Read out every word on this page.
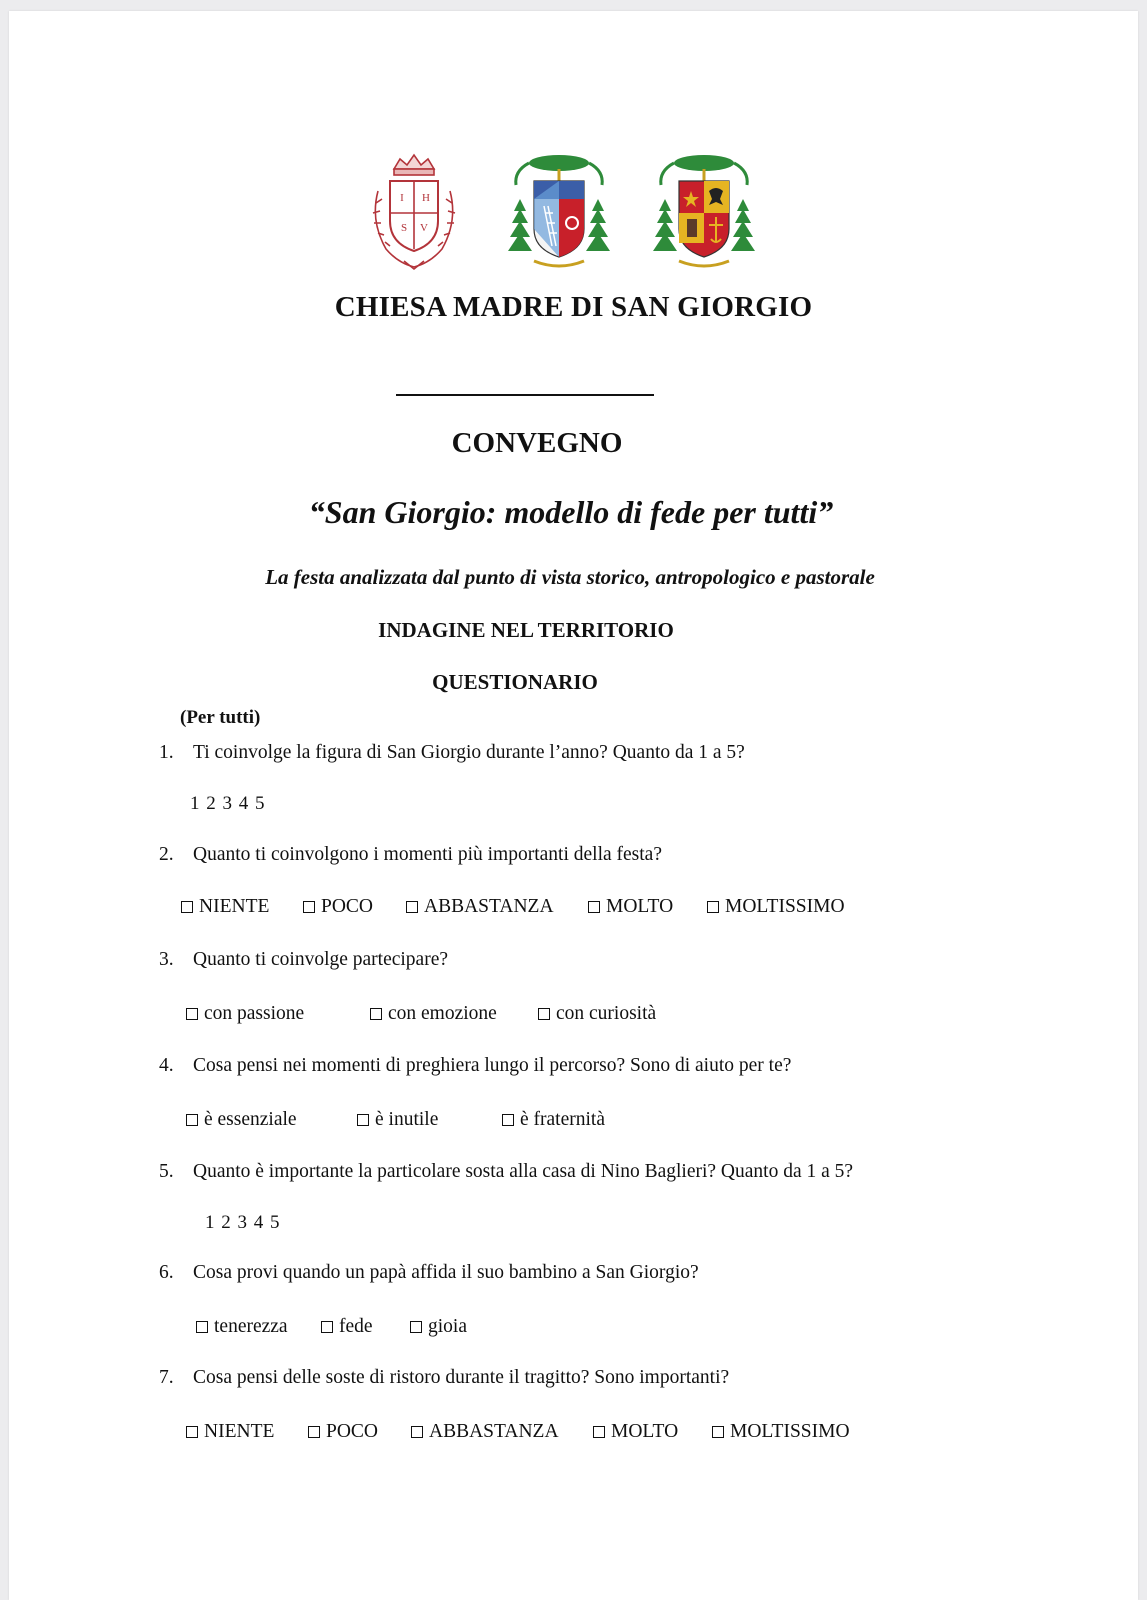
I H
S V
CHIESA MADRE DI SAN GIORGIO
CONVEGNO
“San Giorgio: modello di fede per tutti”
La festa analizzata dal punto di vista storico, antropologico e pastorale
INDAGINE NEL TERRITORIO
QUESTIONARIO
(Per tutti)
1. Ti coinvolge la figura di San Giorgio durante l’anno? Quanto da 1 a 5?
1 2 3 4 5
2. Quanto ti coinvolgono i momenti più importanti della festa?
NIENTE	POCO	ABBASTANZA	MOLTO	MOLTISSIMO
3. Quanto ti coinvolge partecipare?
con passione	con emozione	con curiosità
4. Cosa pensi nei momenti di preghiera lungo il percorso? Sono di aiuto per te?
è essenziale	è inutile	è fraternità
5. Quanto è importante la particolare sosta alla casa di Nino Baglieri? Quanto da 1 a 5?
1 2 3 4 5
6. Cosa provi quando un papà affida il suo bambino a San Giorgio?
tenerezza	fede	gioia
7. Cosa pensi delle soste di ristoro durante il tragitto? Sono importanti?
NIENTE	POCO	ABBASTANZA	MOLTO	MOLTISSIMO
